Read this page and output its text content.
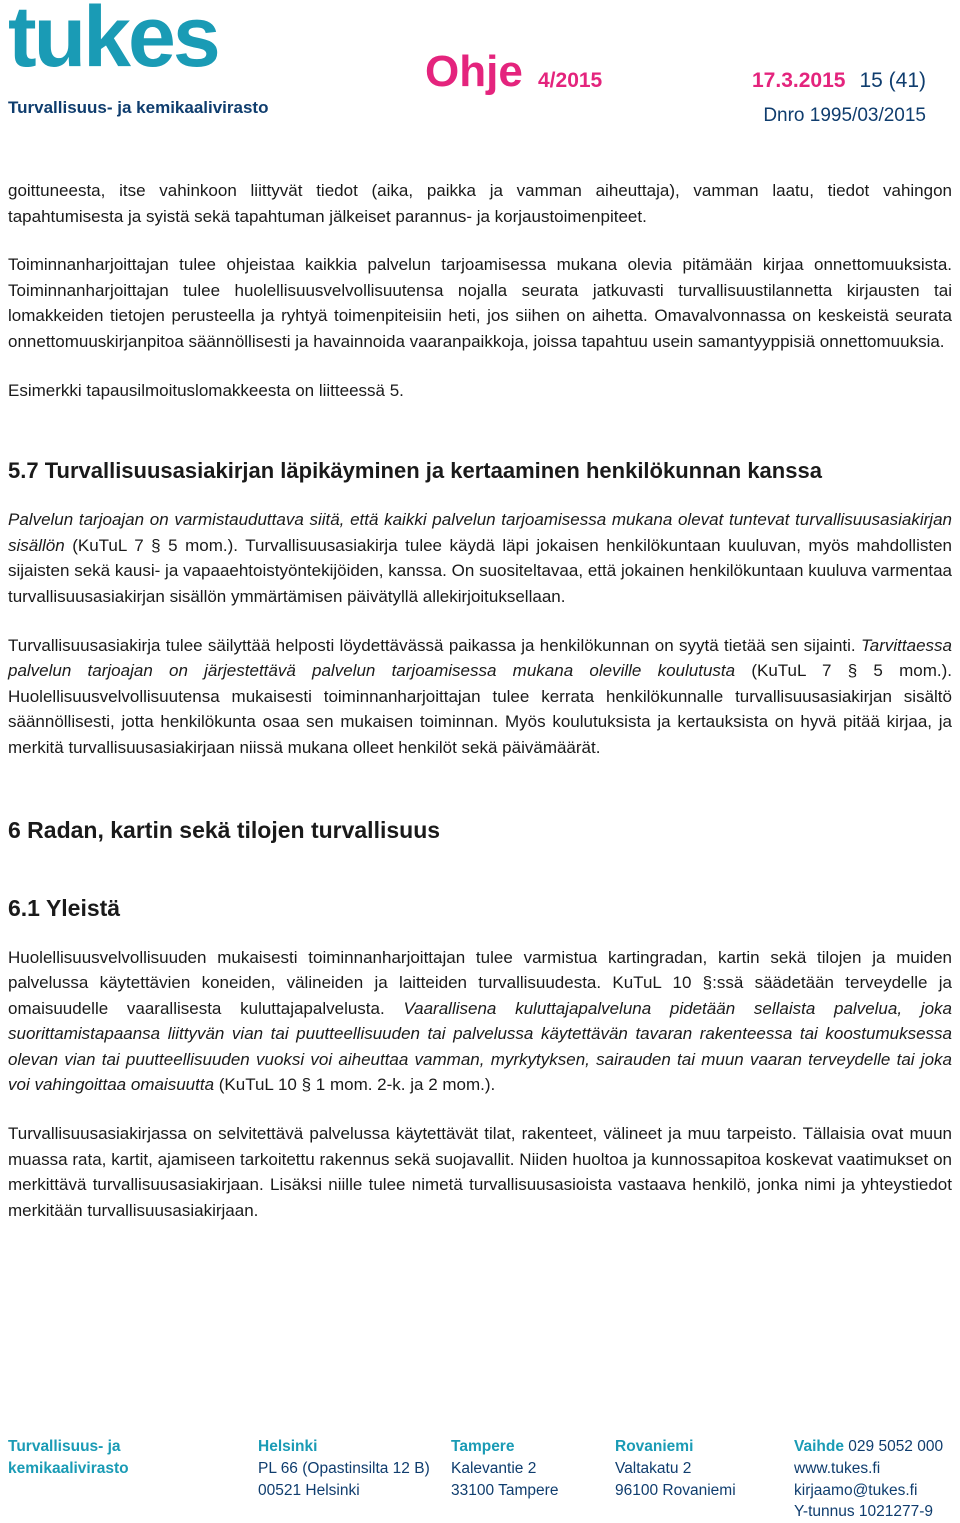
tukes
Turvallisuus- ja kemikaalivirasto
Ohje 4/2015	17.3.2015 15 (41)
Dnro 1995/03/2015

goittuneesta, itse vahinkoon liittyvät tiedot (aika, paikka ja vamman aiheuttaja), vamman laatu, tiedot vahingon tapahtumisesta ja syistä sekä tapahtuman jälkeiset parannus- ja korjaustoimenpiteet.

Toiminnanharjoittajan tulee ohjeistaa kaikkia palvelun tarjoamisessa mukana olevia pitämään kirjaa onnettomuuksista. Toiminnanharjoittajan tulee huolellisuusvelvollisuutensa nojalla seurata jatkuvasti turvallisuustilannetta kirjausten tai lomakkeiden tietojen perusteella ja ryhtyä toimenpiteisiin heti, jos siihen on aihetta. Omavalvonnassa on keskeistä seurata onnettomuuskirjanpitoa säännöllisesti ja havainnoida vaaranpaikkoja, joissa tapahtuu usein samantyyppisiä onnettomuuksia.

Esimerkki tapausilmoituslomakkeesta on liitteessä 5.

5.7 Turvallisuusasiakirjan läpikäyminen ja kertaaminen henkilökunnan kanssa

Palvelun tarjoajan on varmistauduttava siitä, että kaikki palvelun tarjoamisessa mukana olevat tuntevat turvallisuusasiakirjan sisällön (KuTuL 7 § 5 mom.). Turvallisuusasiakirja tulee käydä läpi jokaisen henkilökuntaan kuuluvan, myös mahdollisten sijaisten sekä kausi- ja vapaaehtoistyöntekijöiden, kanssa. On suositeltavaa, että jokainen henkilökuntaan kuuluva varmentaa turvallisuusasiakirjan sisällön ymmärtämisen päivätyllä allekirjoituksellaan.

Turvallisuusasiakirja tulee säilyttää helposti löydettävässä paikassa ja henkilökunnan on syytä tietää sen sijainti. Tarvittaessa palvelun tarjoajan on järjestettävä palvelun tarjoamisessa mukana oleville koulutusta (KuTuL 7 § 5 mom.). Huolellisuusvelvollisuutensa mukaisesti toiminnanharjoittajan tulee kerrata henkilökunnalle turvallisuusasiakirjan sisältö säännöllisesti, jotta henkilökunta osaa sen mukaisen toiminnan. Myös koulutuksista ja kertauksista on hyvä pitää kirjaa, ja merkitä turvallisuusasiakirjaan niissä mukana olleet henkilöt sekä päivämäärät.

6 Radan, kartin sekä tilojen turvallisuus
6.1 Yleistä

Huolellisuusvelvollisuuden mukaisesti toiminnanharjoittajan tulee varmistua kartingradan, kartin sekä tilojen ja muiden palvelussa käytettävien koneiden, välineiden ja laitteiden turvallisuudesta. KuTuL 10 §:ssä säädetään terveydelle ja omaisuudelle vaarallisesta kuluttajapalvelusta. Vaarallisena kuluttajapalveluna pidetään sellaista palvelua, joka suorittamistapaansa liittyvän vian tai puutteellisuuden tai palvelussa käytettävän tavaran rakenteessa tai koostumuksessa olevan vian tai puutteellisuuden vuoksi voi aiheuttaa vamman, myrkytyksen, sairauden tai muun vaaran terveydelle tai joka voi vahingoittaa omaisuutta (KuTuL 10 § 1 mom. 2-k. ja 2 mom.).

Turvallisuusasiakirjassa on selvitettävä palvelussa käytettävät tilat, rakenteet, välineet ja muu tarpeisto. Tällaisia ovat muun muassa rata, kartit, ajamiseen tarkoitettu rakennus sekä suojavallit. Niiden huoltoa ja kunnossapitoa koskevat vaatimukset on merkittävä turvallisuusasiakirjaan. Lisäksi niille tulee nimetä turvallisuusasioista vastaava henkilö, jonka nimi ja yhteystiedot merkitään turvallisuusasiakirjaan.

Turvallisuus- ja
kemikaalivirasto
Helsinki
PL 66 (Opastinsilta 12 B)
00521 Helsinki
Tampere
Kalevantie 2
33100 Tampere
Rovaniemi
Valtakatu 2
96100 Rovaniemi
Vaihde 029 5052 000
www.tukes.fi
kirjaamo@tukes.fi
Y-tunnus 1021277-9
